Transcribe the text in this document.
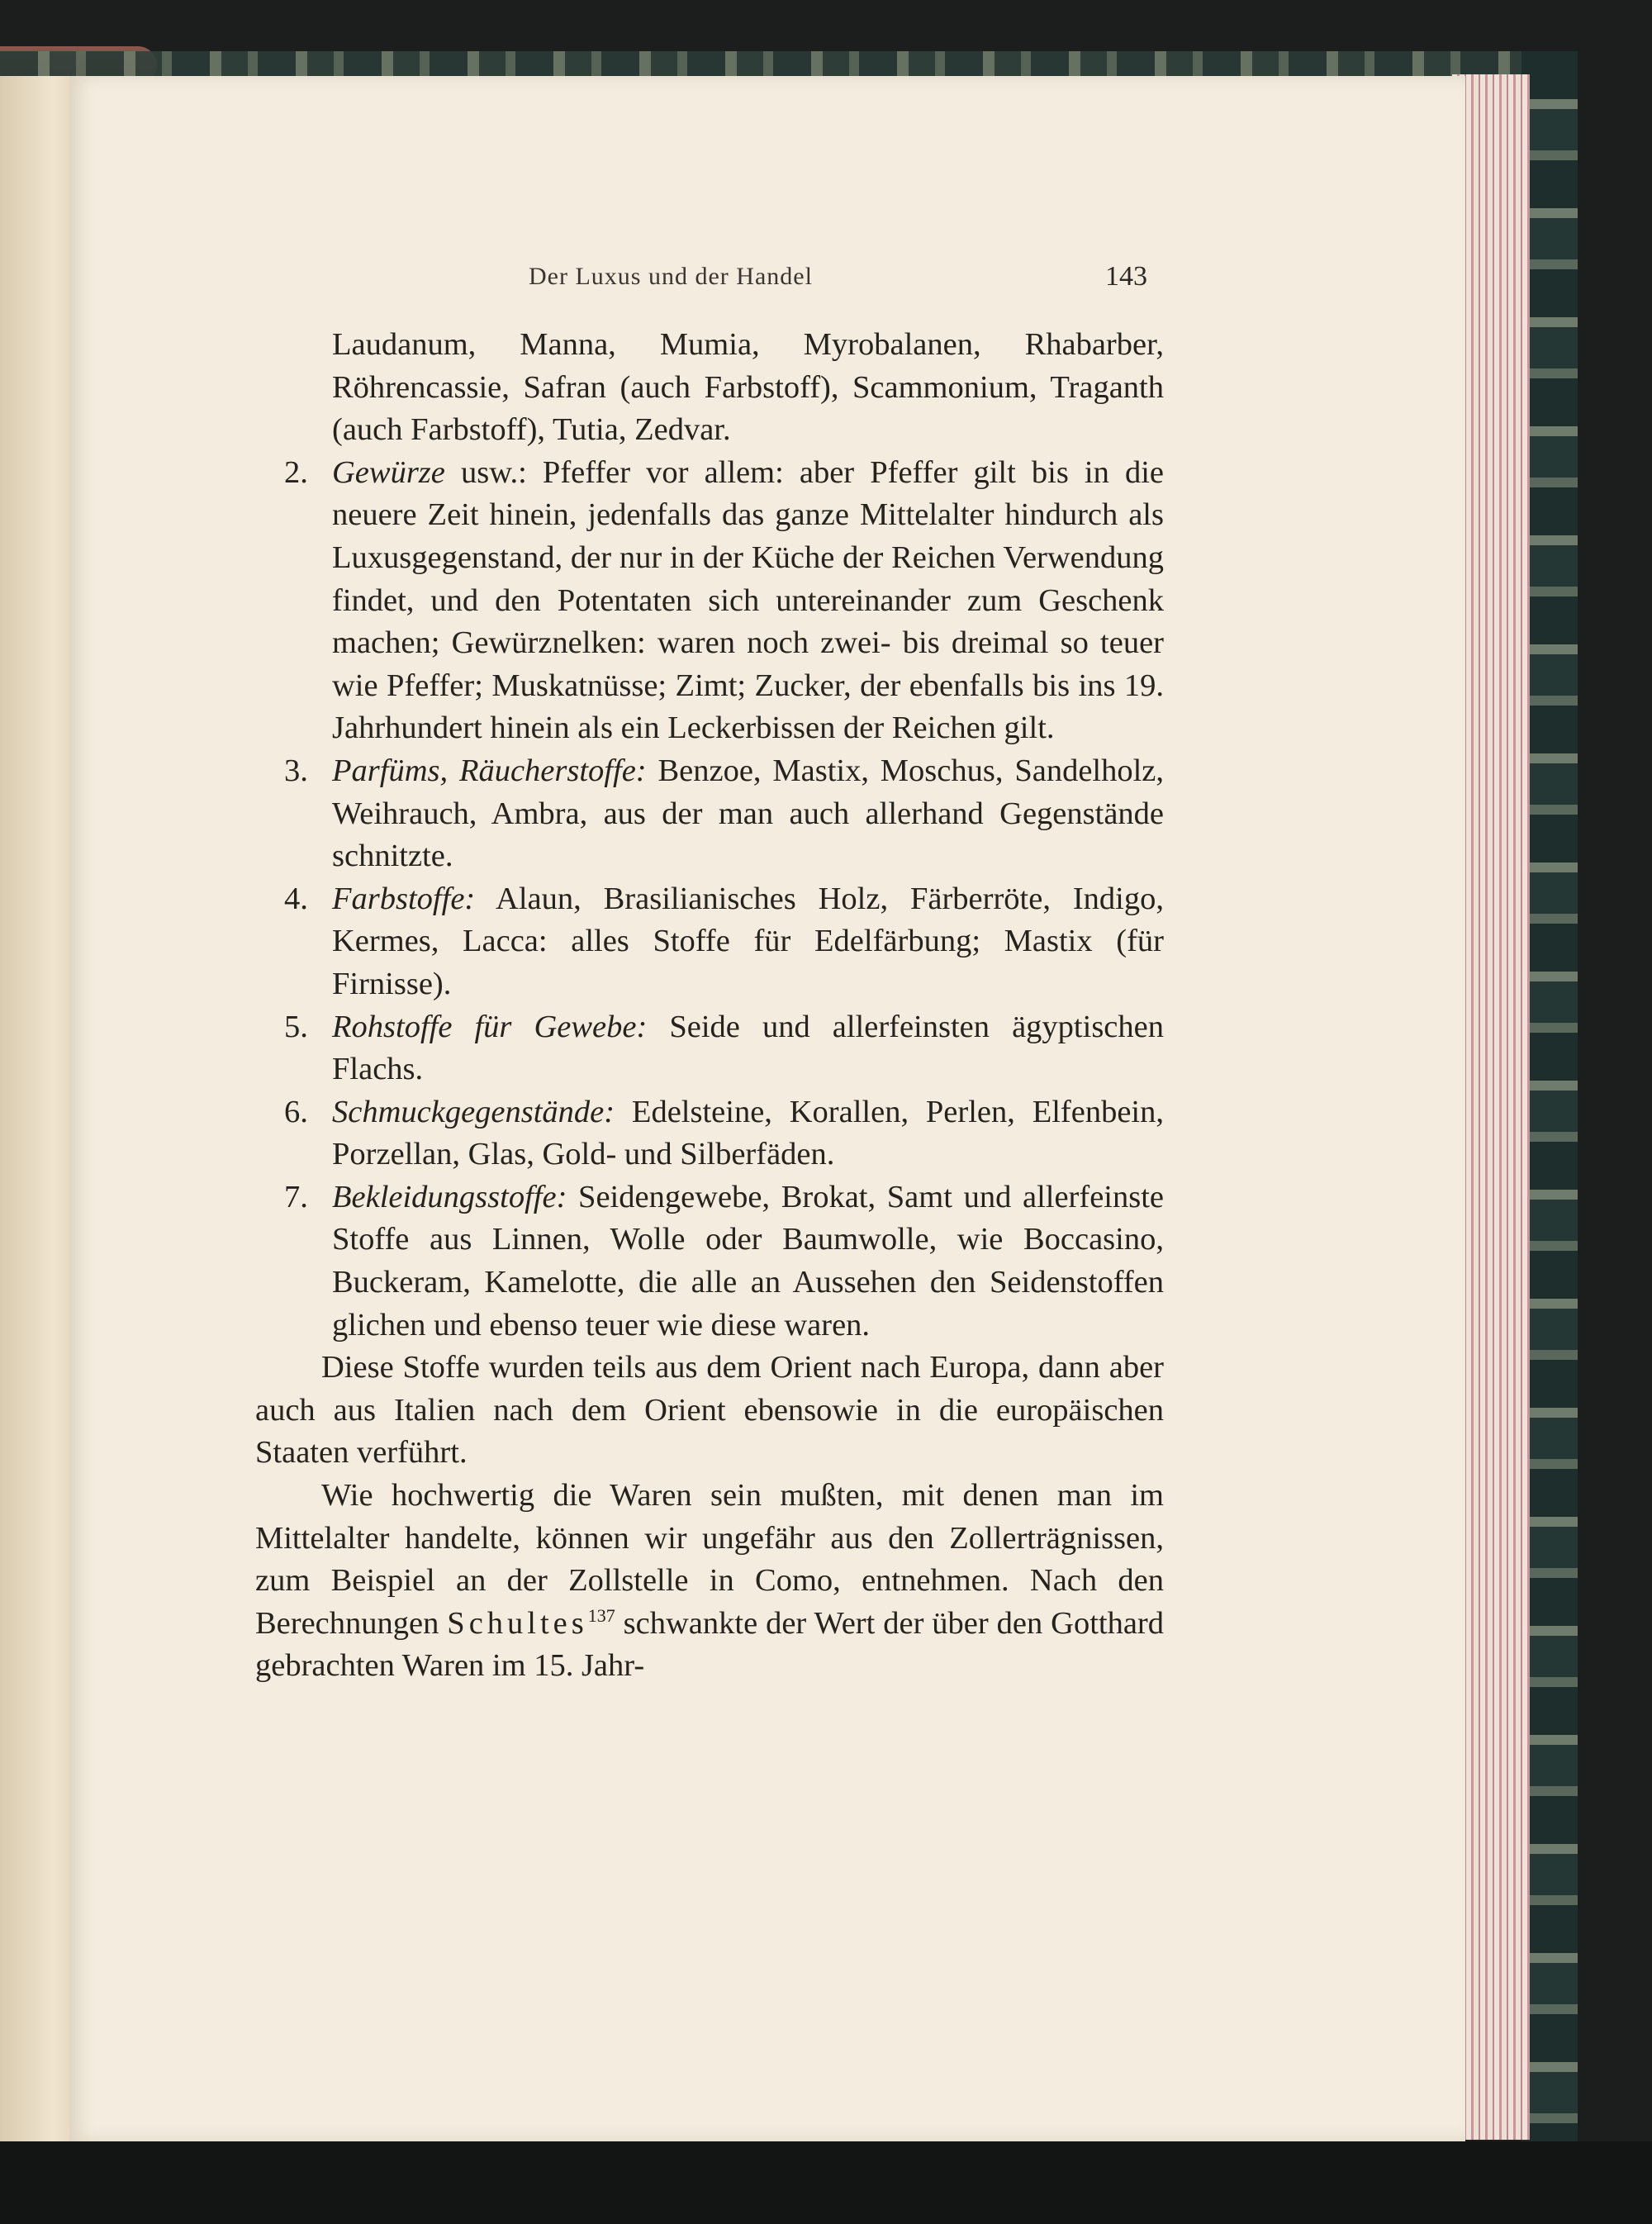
Der Luxus und der Handel	143

Laudanum, Manna, Mumia, Myrobalanen, Rhabarber, Röhrencassie, Safran (auch Farbstoff), Scammonium, Traganth (auch Farbstoff), Tutia, Zedvar.

2. Gewürze usw.: Pfeffer vor allem: aber Pfeffer gilt bis in die neuere Zeit hinein, jedenfalls das ganze Mittelalter hindurch als Luxusgegenstand, der nur in der Küche der Reichen Verwendung findet, und den Potentaten sich untereinander zum Geschenk machen; Gewürznelken: waren noch zwei- bis dreimal so teuer wie Pfeffer; Muskatnüsse; Zimt; Zucker, der ebenfalls bis ins 19. Jahrhundert hinein als ein Leckerbissen der Reichen gilt.
3. Parfüms, Räucherstoffe: Benzoe, Mastix, Moschus, Sandelholz, Weihrauch, Ambra, aus der man auch allerhand Gegenstände schnitzte.
4. Farbstoffe: Alaun, Brasilianisches Holz, Färberröte, Indigo, Kermes, Lacca: alles Stoffe für Edelfärbung; Mastix (für Firnisse).
5. Rohstoffe für Gewebe: Seide und allerfeinsten ägyptischen Flachs.
6. Schmuckgegenstände: Edelsteine, Korallen, Perlen, Elfenbein, Porzellan, Glas, Gold- und Silberfäden.
7. Bekleidungsstoffe: Seidengewebe, Brokat, Samt und allerfeinste Stoffe aus Linnen, Wolle oder Baumwolle, wie Boccasino, Buckeram, Kamelotte, die alle an Aussehen den Seidenstoffen glichen und ebenso teuer wie diese waren.

Diese Stoffe wurden teils aus dem Orient nach Europa, dann aber auch aus Italien nach dem Orient ebensowie in die europäischen Staaten verführt.

Wie hochwertig die Waren sein mußten, mit denen man im Mittelalter handelte, können wir ungefähr aus den Zollerträgnissen, zum Beispiel an der Zollstelle in Como, entnehmen. Nach den Berechnungen Schultes$^{137}$ schwankte der Wert der über den Gotthard gebrachten Waren im 15. Jahr-
